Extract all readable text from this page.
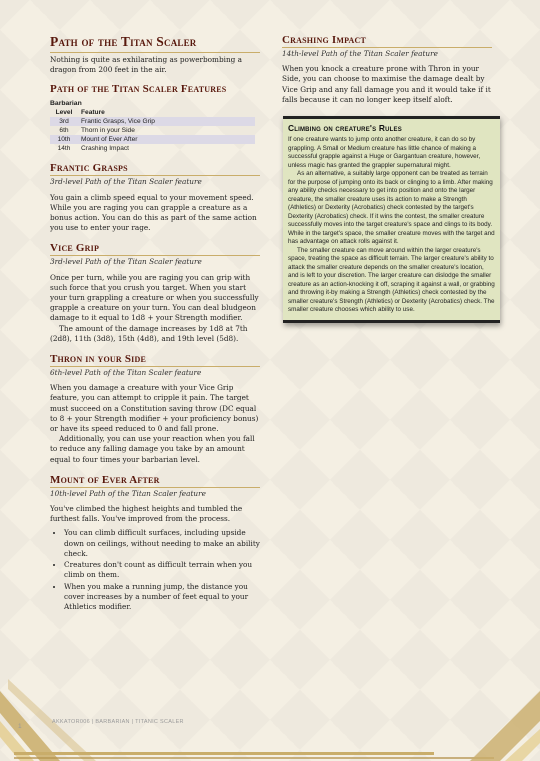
Path of the Titan Scaler

Nothing is quite as exhilarating as powerbombing a dragon from 200 feet in the air.

Path of the Titan Scaler Features
Barbarian
Level	Feature
3rd	Frantic Grasps, Vice Grip
6th	Thorn in your Side
10th	Mount of Ever After
14th	Crashing Impact
Frantic Grasps

3rd-level Path of the Titan Scaler feature

You gain a climb speed equal to your movement speed. While you are raging you can grapple a creature as a bonus action. You can do this as part of the same action you use to enter your rage.

Vice Grip

3rd-level Path of the Titan Scaler feature

Once per turn, while you are raging you can grip with such force that you crush you target. When you start your turn grappling a creature or when you successfully grapple a creature on your turn. You can deal bludgeon damage to it equal to 1d8 + your Strength modifier.

The amount of the damage increases by 1d8 at 7th (2d8), 11th (3d8), 15th (4d8), and 19th level (5d8).

Thron in your Side

6th-level Path of the Titan Scaler feature

When you damage a creature with your Vice Grip feature, you can attempt to cripple it pain. The target must succeed on a Constitution saving throw (DC equal to 8 + your Strength modifier + your proficiency bonus) or have its speed reduced to 0 and fall prone.

Additionally, you can use your reaction when you fall to reduce any falling damage you take by an amount equal to four times your barbarian level.

Mount of Ever After

10th-level Path of the Titan Scaler feature

You've climbed the highest heights and tumbled the furthest falls. You've improved from the process.

• You can climb difficult surfaces, including upside down on ceilings, without needing to make an ability check.
• Creatures don't count as difficult terrain when you climb on them.
• When you make a running jump, the distance you cover increases by a number of feet equal to your Athletics modifier.
Crashing Impact

14th-level Path of the Titan Scaler feature

When you knock a creature prone with Thron in your Side, you can choose to maximise the damage dealt by Vice Grip and any fall damage you and it would take if it falls because it can no longer keep itself aloft.

Climbing on creature's Rules

If one creature wants to jump onto another creature, it can do so by grappling. A Small or Medium creature has little chance of making a successful grapple against a Huge or Gargantuan creature, however, unless magic has granted the grappler supernatural might.

As an alternative, a suitably large opponent can be treated as terrain for the purpose of jumping onto its back or clinging to a limb. After making any ability checks necessary to get into position and onto the larger creature, the smaller creature uses its action to make a Strength (Athletics) or Dexterity (Acrobatics) check contested by the target's Dexterity (Acrobatics) check. If it wins the contest, the smaller creature successfully moves into the target creature's space and clings to its body. While in the target's space, the smaller creature moves with the target and has advantage on attack rolls against it.

The smaller creature can move around within the larger creature's space, treating the space as difficult terrain. The larger creature's ability to attack the smaller creature depends on the smaller creature's location, and is left to your discretion. The larger creature can dislodge the smaller creature as an action-knocking it off, scraping it against a wall, or grabbing and throwing it-by making a Strength (Athletics) check contested by the smaller creature's Strength (Athletics) or Dexterity (Acrobatics) check. The smaller creature chooses which ability to use.

1
AKKATOR006 | BARBARIAN | TITANIC SCALER
